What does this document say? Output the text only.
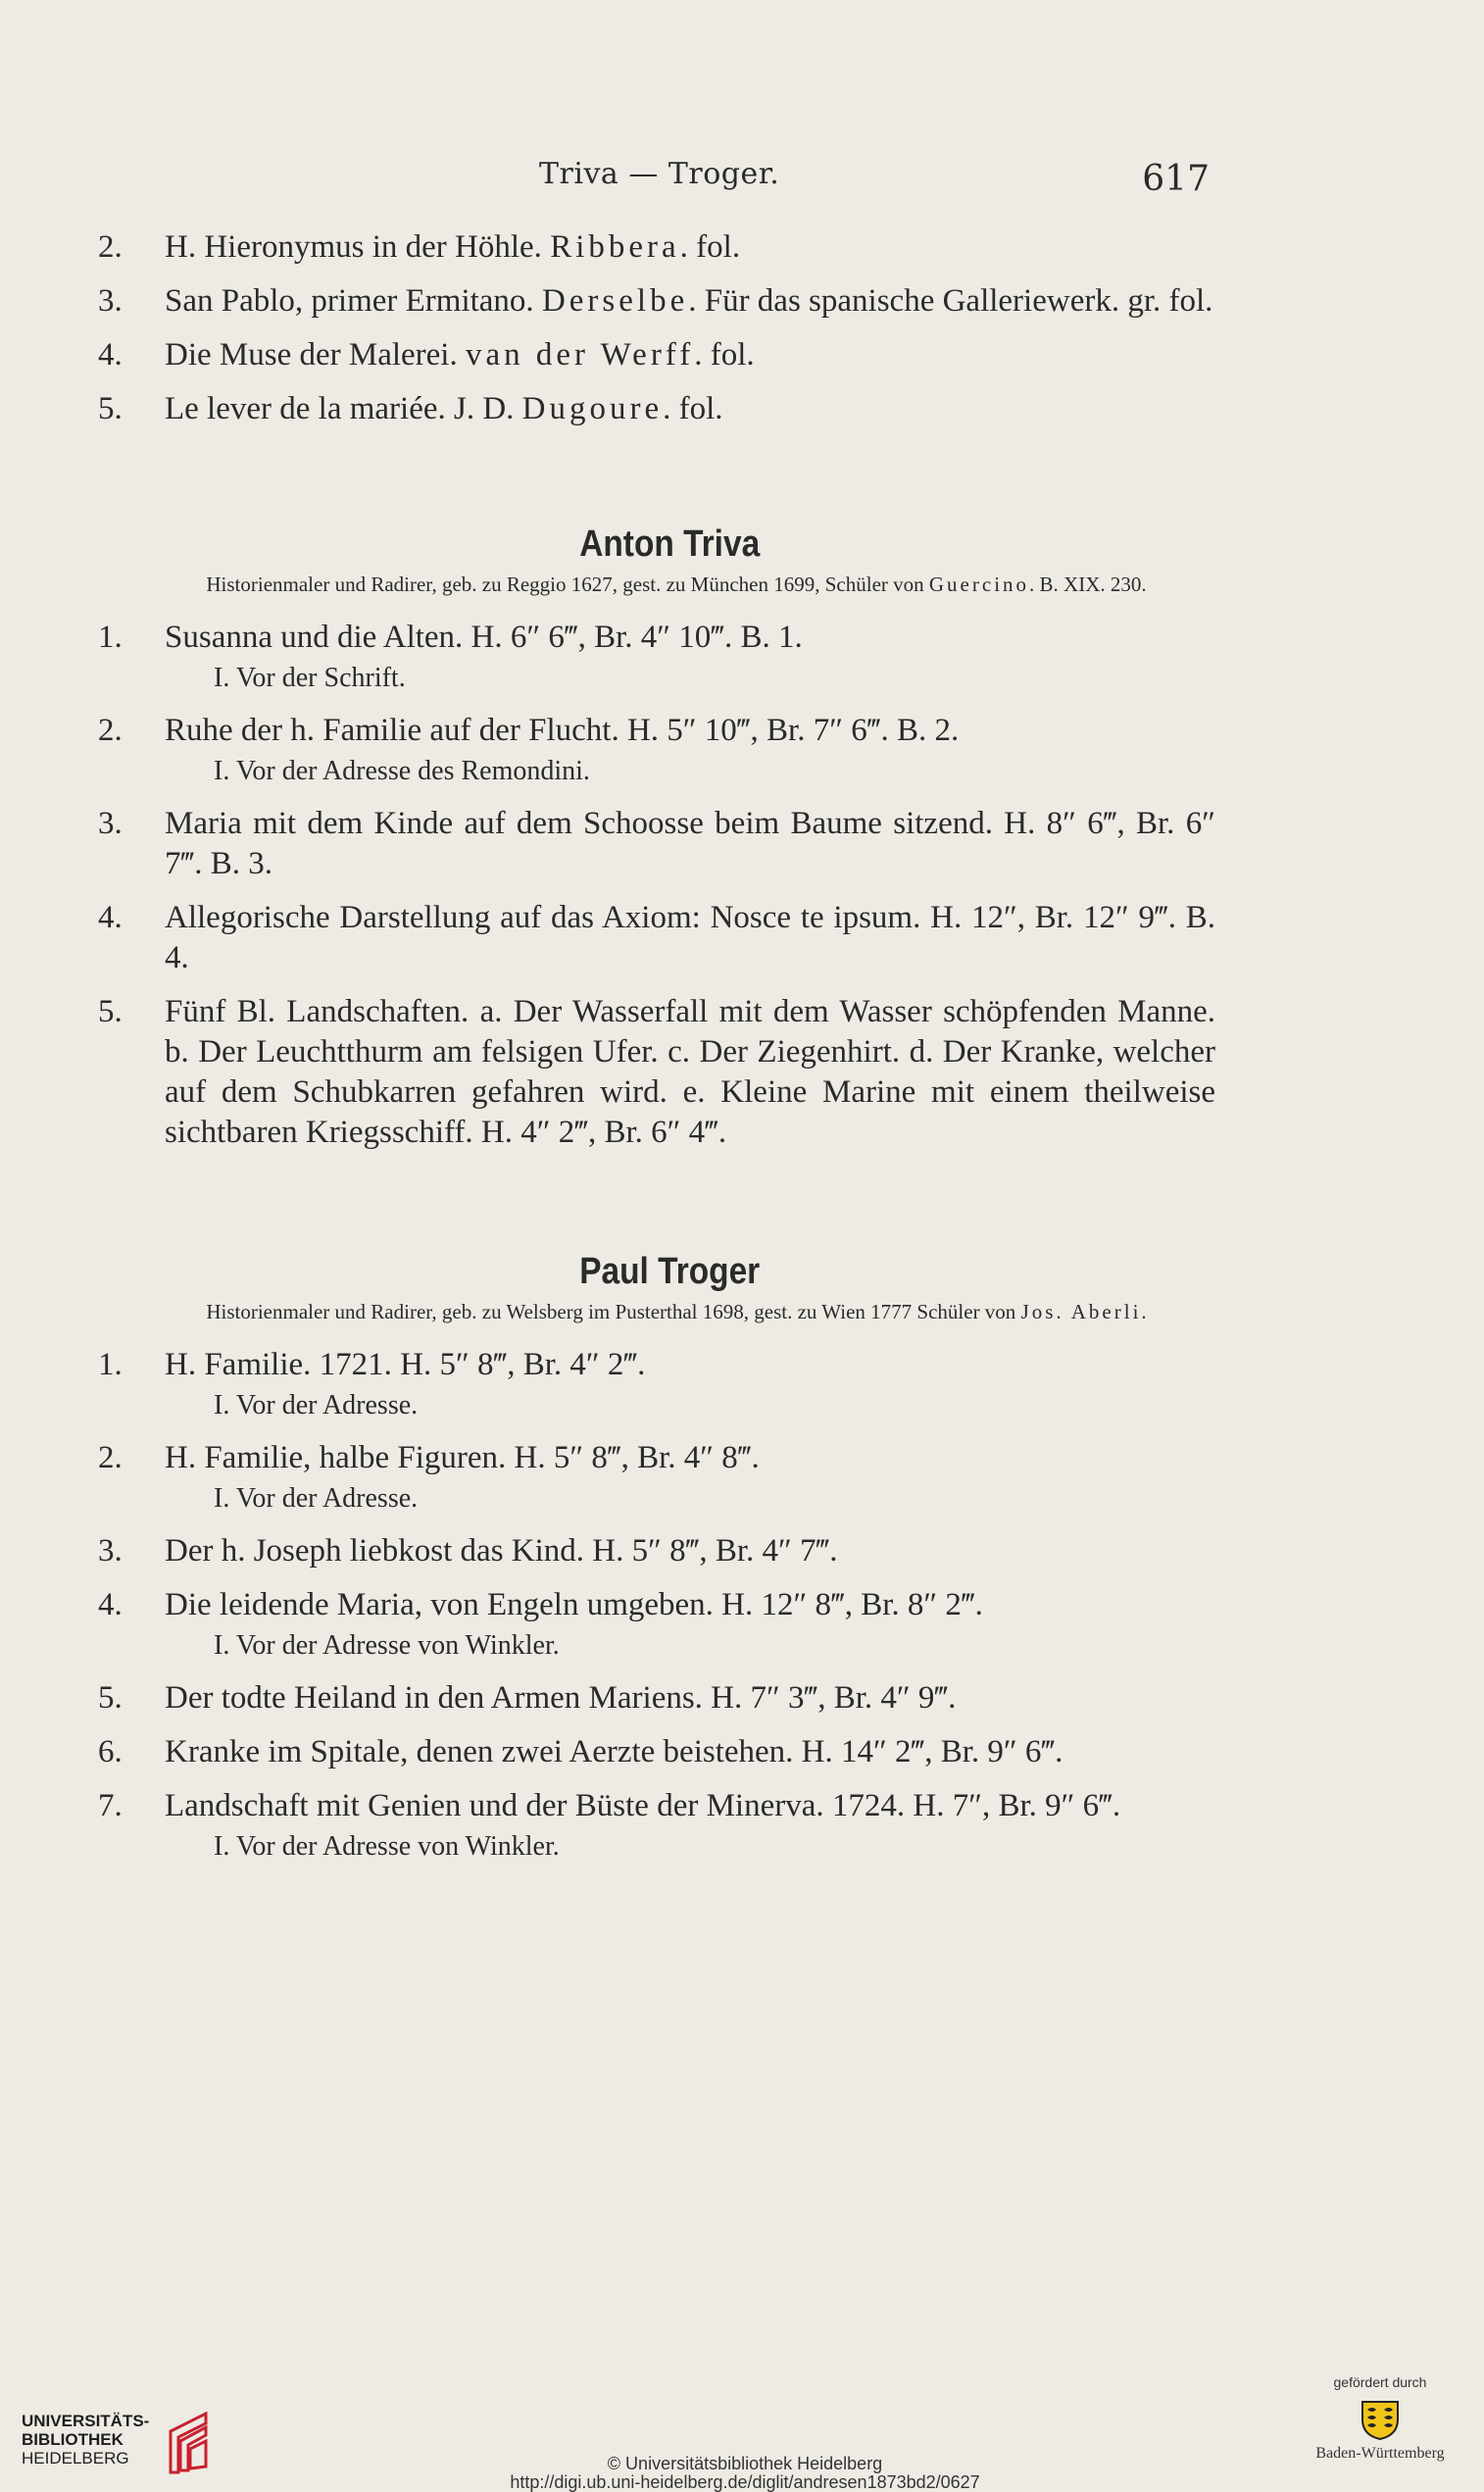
Triva — Troger.	617
2.	H. Hieronymus in der Höhle. Ribbera. fol.
3.	San Pablo, primer Ermitano. Derselbe. Für das spanische Galleriewerk. gr. fol.
4.	Die Muse der Malerei. van der Werff. fol.
5.	Le lever de la mariée. J. D. Dugoure. fol.
Anton Triva
Historienmaler und Radirer, geb. zu Reggio 1627, gest. zu München 1699, Schüler von Guercino. B. XIX. 230.
1.	Susanna und die Alten. H. 6″ 6‴, Br. 4″ 10‴. B. 1.
I. Vor der Schrift.
2.	Ruhe der h. Familie auf der Flucht. H. 5″ 10‴, Br. 7″ 6‴. B. 2.
I. Vor der Adresse des Remondini.
3.	Maria mit dem Kinde auf dem Schoosse beim Baume sitzend. H. 8″ 6‴, Br. 6″ 7‴. B. 3.
4.	Allegorische Darstellung auf das Axiom: Nosce te ipsum. H. 12″, Br. 12″ 9‴. B. 4.
5.	Fünf Bl. Landschaften. a. Der Wasserfall mit dem Wasser schöpfenden Manne. b. Der Leuchtthurm am felsigen Ufer. c. Der Ziegenhirt. d. Der Kranke, welcher auf dem Schubkarren gefahren wird. e. Kleine Marine mit einem theilweise sichtbaren Kriegsschiff. H. 4″ 2‴, Br. 6″ 4‴.
Paul Troger
Historienmaler und Radirer, geb. zu Welsberg im Pusterthal 1698, gest. zu Wien 1777 Schüler von Jos. Aberli.
1.	H. Familie. 1721. H. 5″ 8‴, Br. 4″ 2‴.
I. Vor der Adresse.
2.	H. Familie, halbe Figuren. H. 5″ 8‴, Br. 4″ 8‴.
I. Vor der Adresse.
3.	Der h. Joseph liebkost das Kind. H. 5″ 8‴, Br. 4″ 7‴.
4.	Die leidende Maria, von Engeln umgeben. H. 12″ 8‴, Br. 8″ 2‴.
I. Vor der Adresse von Winkler.
5.	Der todte Heiland in den Armen Mariens. H. 7″ 3‴, Br. 4″ 9‴.
6.	Kranke im Spitale, denen zwei Aerzte beistehen. H. 14″ 2‴, Br. 9″ 6‴.
7.	Landschaft mit Genien und der Büste der Minerva. 1724. H. 7″, Br. 9″ 6‴.
I. Vor der Adresse von Winkler.
UNIVERSITÄTS-
BIBLIOTHEK
HEIDELBERG	© Universitätsbibliothek Heidelberg
http://digi.ub.uni-heidelberg.de/diglit/andresen1873bd2/0627
gefördert durch
Baden-Württemberg
